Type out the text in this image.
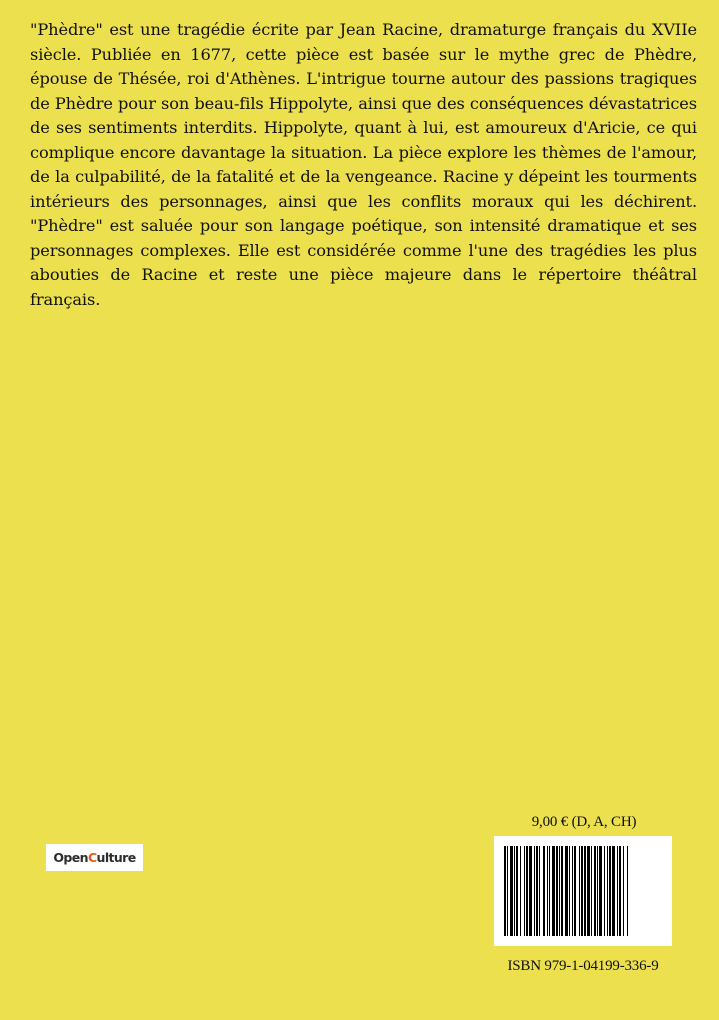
"Phèdre" est une tragédie écrite par Jean Racine, dramaturge français du XVIIe siècle. Publiée en 1677, cette pièce est basée sur le mythe grec de Phèdre, épouse de Thésée, roi d'Athènes. L'intrigue tourne autour des passions tragiques de Phèdre pour son beau-fils Hippolyte, ainsi que des conséquences dévastatrices de ses sentiments interdits. Hippolyte, quant à lui, est amoureux d'Aricie, ce qui complique encore davantage la situation. La pièce explore les thèmes de l'amour, de la culpabilité, de la fatalité et de la vengeance. Racine y dépeint les tourments intérieurs des personnages, ainsi que les conflits moraux qui les déchirent. "Phèdre" est saluée pour son langage poétique, son intensité dramatique et ses personnages complexes. Elle est considérée comme l'une des tragédies les plus abouties de Racine et reste une pièce majeure dans le répertoire théâtral français.

Open C ulture
9,00 € (D, A, CH)
ISBN 979-1-04199-336-9
